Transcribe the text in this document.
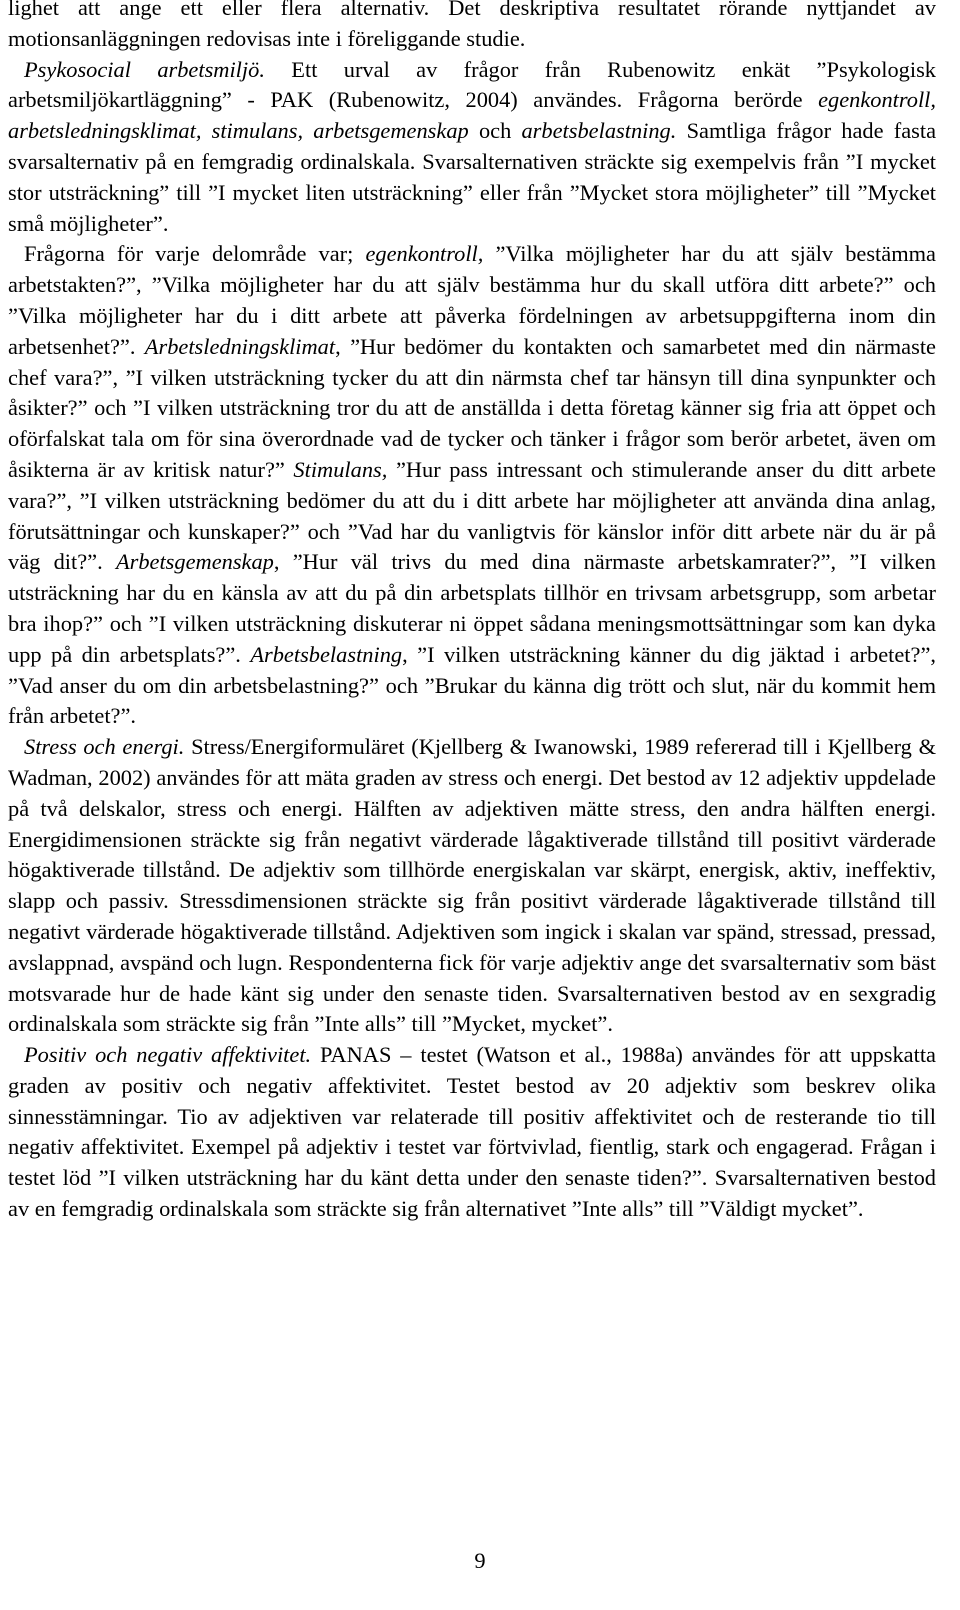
lighet att ange ett eller flera alternativ. Det deskriptiva resultatet rörande nyttjandet av motionsanläggningen redovisas inte i föreliggande studie.

Psykosocial arbetsmiljö. Ett urval av frågor från Rubenowitz enkät ”Psykologisk arbetsmiljökartläggning” - PAK (Rubenowitz, 2004) användes. Frågorna berörde egenkontroll, arbetsledningsklimat, stimulans, arbetsgemenskap och arbetsbelastning. Samtliga frågor hade fasta svarsalternativ på en femgradig ordinalskala. Svarsalternativen sträckte sig exempelvis från ”I mycket stor utsträckning” till ”I mycket liten utsträckning” eller från ”Mycket stora möjligheter” till ”Mycket små möjligheter”.

Frågorna för varje delområde var; egenkontroll, ”Vilka möjligheter har du att själv bestämma arbetstakten?”, ”Vilka möjligheter har du att själv bestämma hur du skall utföra ditt arbete?” och ”Vilka möjligheter har du i ditt arbete att påverka fördelningen av arbetsuppgifterna inom din arbetsenhet?”. Arbetsledningsklimat, ”Hur bedömer du kontakten och samarbetet med din närmaste chef vara?”, ”I vilken utsträckning tycker du att din närmsta chef tar hänsyn till dina synpunkter och åsikter?” och ”I vilken utsträckning tror du att de anställda i detta företag känner sig fria att öppet och oförfalskat tala om för sina överordnade vad de tycker och tänker i frågor som berör arbetet, även om åsikterna är av kritisk natur?” Stimulans, ”Hur pass intressant och stimulerande anser du ditt arbete vara?”, ”I vilken utsträckning bedömer du att du i ditt arbete har möjligheter att använda dina anlag, förutsättningar och kunskaper?” och ”Vad har du vanligtvis för känslor inför ditt arbete när du är på väg dit?”. Arbetsgemenskap, ”Hur väl trivs du med dina närmaste arbetskamrater?”, ”I vilken utsträckning har du en känsla av att du på din arbetsplats tillhör en trivsam arbetsgrupp, som arbetar bra ihop?” och ”I vilken utsträckning diskuterar ni öppet sådana meningsmottsättningar som kan dyka upp på din arbetsplats?”. Arbetsbelastning, ”I vilken utsträckning känner du dig jäktad i arbetet?”, ”Vad anser du om din arbetsbelastning?” och ”Brukar du känna dig trött och slut, när du kommit hem från arbetet?”.

Stress och energi. Stress/Energiformuläret (Kjellberg & Iwanowski, 1989 refererad till i Kjellberg & Wadman, 2002) användes för att mäta graden av stress och energi. Det bestod av 12 adjektiv uppdelade på två delskalor, stress och energi. Hälften av adjektiven mätte stress, den andra hälften energi. Energidimensionen sträckte sig från negativt värderade lågaktiverade tillstånd till positivt värderade högaktiverade tillstånd. De adjektiv som tillhörde energiskalan var skärpt, energisk, aktiv, ineffektiv, slapp och passiv. Stressdimensionen sträckte sig från positivt värderade lågaktiverade tillstånd till negativt värderade högaktiverade tillstånd. Adjektiven som ingick i skalan var spänd, stressad, pressad, avslappnad, avspänd och lugn. Respondenterna fick för varje adjektiv ange det svarsalternativ som bäst motsvarade hur de hade känt sig under den senaste tiden. Svarsalternativen bestod av en sexgradig ordinalskala som sträckte sig från ”Inte alls” till ”Mycket, mycket”.

Positiv och negativ affektivitet. PANAS – testet (Watson et al., 1988a) användes för att uppskatta graden av positiv och negativ affektivitet. Testet bestod av 20 adjektiv som beskrev olika sinnesstämningar. Tio av adjektiven var relaterade till positiv affektivitet och de resterande tio till negativ affektivitet. Exempel på adjektiv i testet var förtvivlad, fientlig, stark och engagerad. Frågan i testet löd ”I vilken utsträckning har du känt detta under den senaste tiden?”. Svarsalternativen bestod av en femgradig ordinalskala som sträckte sig från alternativet ”Inte alls” till ”Väldigt mycket”.

9
